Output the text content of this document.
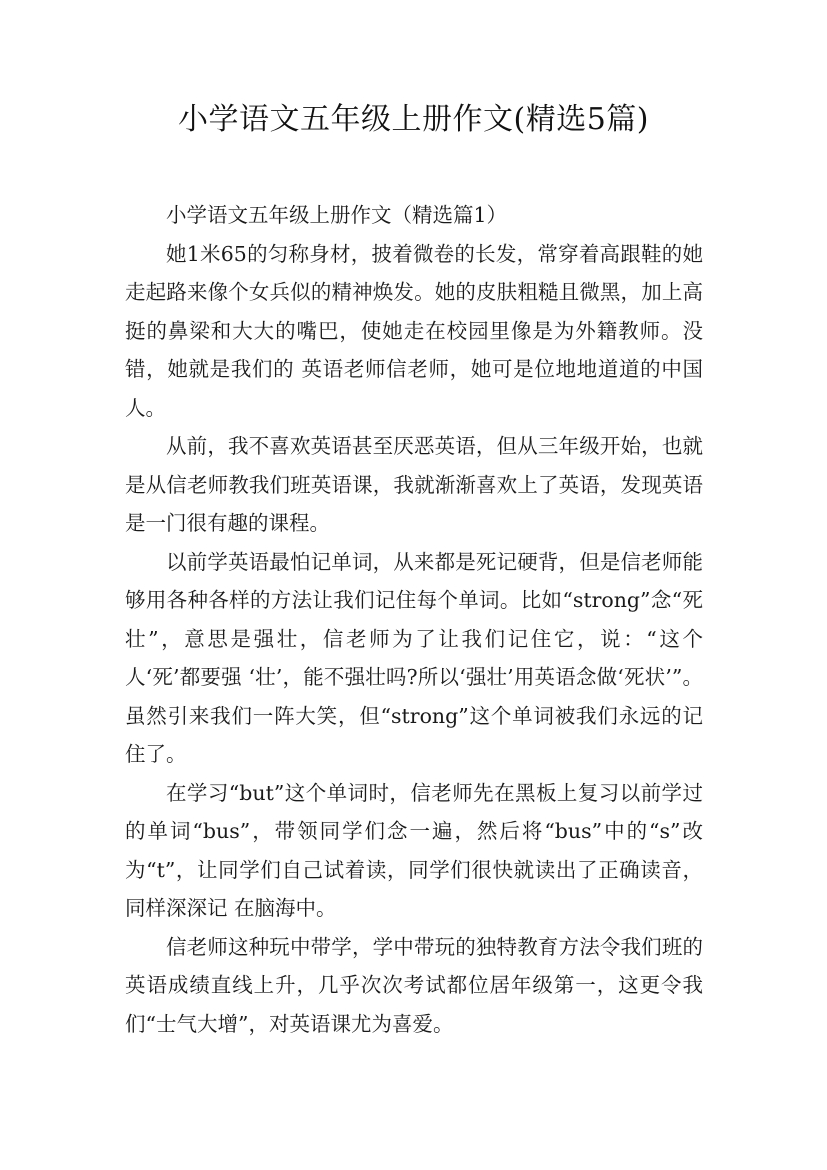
小学语文五年级上册作文(精选5篇)

小学语文五年级上册作文（精选篇1）

她1米65的匀称身材，披着微卷的长发，常穿着高跟鞋的她走起路来像个女兵似的精神焕发。她的皮肤粗糙且微黑，加上高挺的鼻梁和大大的嘴巴，使她走在校园里像是为外籍教师。没错，她就是我们的 英语老师信老师，她可是位地地道道的中国人。

从前，我不喜欢英语甚至厌恶英语，但从三年级开始，也就是从信老师教我们班英语课，我就渐渐喜欢上了英语，发现英语是一门很有趣的课程。

以前学英语最怕记单词，从来都是死记硬背，但是信老师能够用各种各样的方法让我们记住每个单词。比如“strong”念“死壮”，意思是强壮，信老师为了让我们记住它，说：“这个人‘死’都要强 ‘壮’，能不强壮吗?所以‘强壮’用英语念做‘死状’”。虽然引来我们一阵大笑，但“strong”这个单词被我们永远的记住了。

在学习“but”这个单词时，信老师先在黑板上复习以前学过的单词“bus”，带领同学们念一遍，然后将“bus”中的“s”改为“t”，让同学们自己试着读，同学们很快就读出了正确读音，同样深深记 在脑海中。

信老师这种玩中带学，学中带玩的独特教育方法令我们班的英语成绩直线上升，几乎次次考试都位居年级第一，这更令我们“士气大增”，对英语课尤为喜爱。
